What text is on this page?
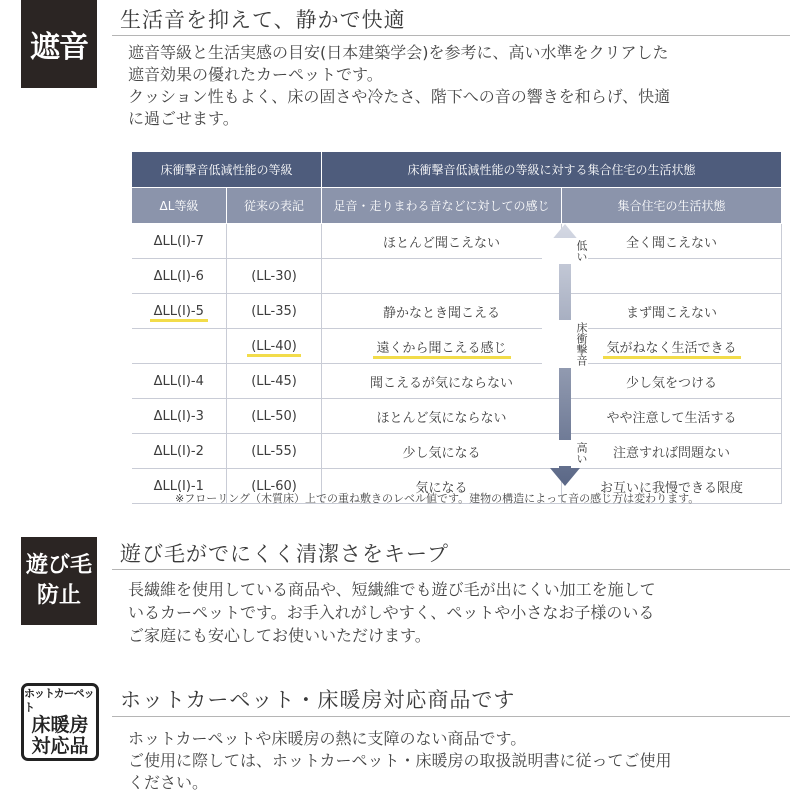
遮音
生活音を抑えて、静かで快適

遮音等級と生活実感の目安(日本建築学会)を参考に、高い水準をクリアした

遮音効果の優れたカーペットです。

クッション性もよく、床の固さや冷たさ、階下への音の響きを和らげ、快適

に過ごせます。

床衝撃音低減性能の等級		床衝撃音低減性能の等級に対する集合住宅の生活状態	
ΔL等級	従来の表記	足音・走りまわる音などに対しての感じ	集合住宅の生活状態
ΔLL(I)-7		ほとんど聞こえない	全く聞こえない
ΔLL(I)-6	(LL-30)		
ΔLL(I)-5	(LL-35)	静かなとき聞こえる	まず聞こえない
	(LL-40)	遠くから聞こえる感じ	気がねなく生活できる
ΔLL(I)-4	(LL-45)	聞こえるが気にならない	少し気をつける
ΔLL(I)-3	(LL-50)	ほとんど気にならない	やや注意して生活する
ΔLL(I)-2	(LL-55)	少し気になる	注意すれば問題ない
ΔLL(I)-1	(LL-60)	気になる	お互いに我慢できる限度
低い
床衝撃音
高い
※フローリング（木質床）上での重ね敷きのレベル値です。建物の構造によって音の感じ方は変わります。
遊び毛
防止
遊び毛がでにくく清潔さをキープ

長繊維を使用している商品や、短繊維でも遊び毛が出にくい加工を施して

いるカーペットです。お手入れがしやすく、ペットや小さなお子様のいる

ご家庭にも安心してお使いいただけます。

ホットカーペット
床暖房
対応品
ホットカーペット・床暖房対応商品です

ホットカーペットや床暖房の熱に支障のない商品です。

ご使用に際しては、ホットカーペット・床暖房の取扱説明書に従ってご使用

ください。
